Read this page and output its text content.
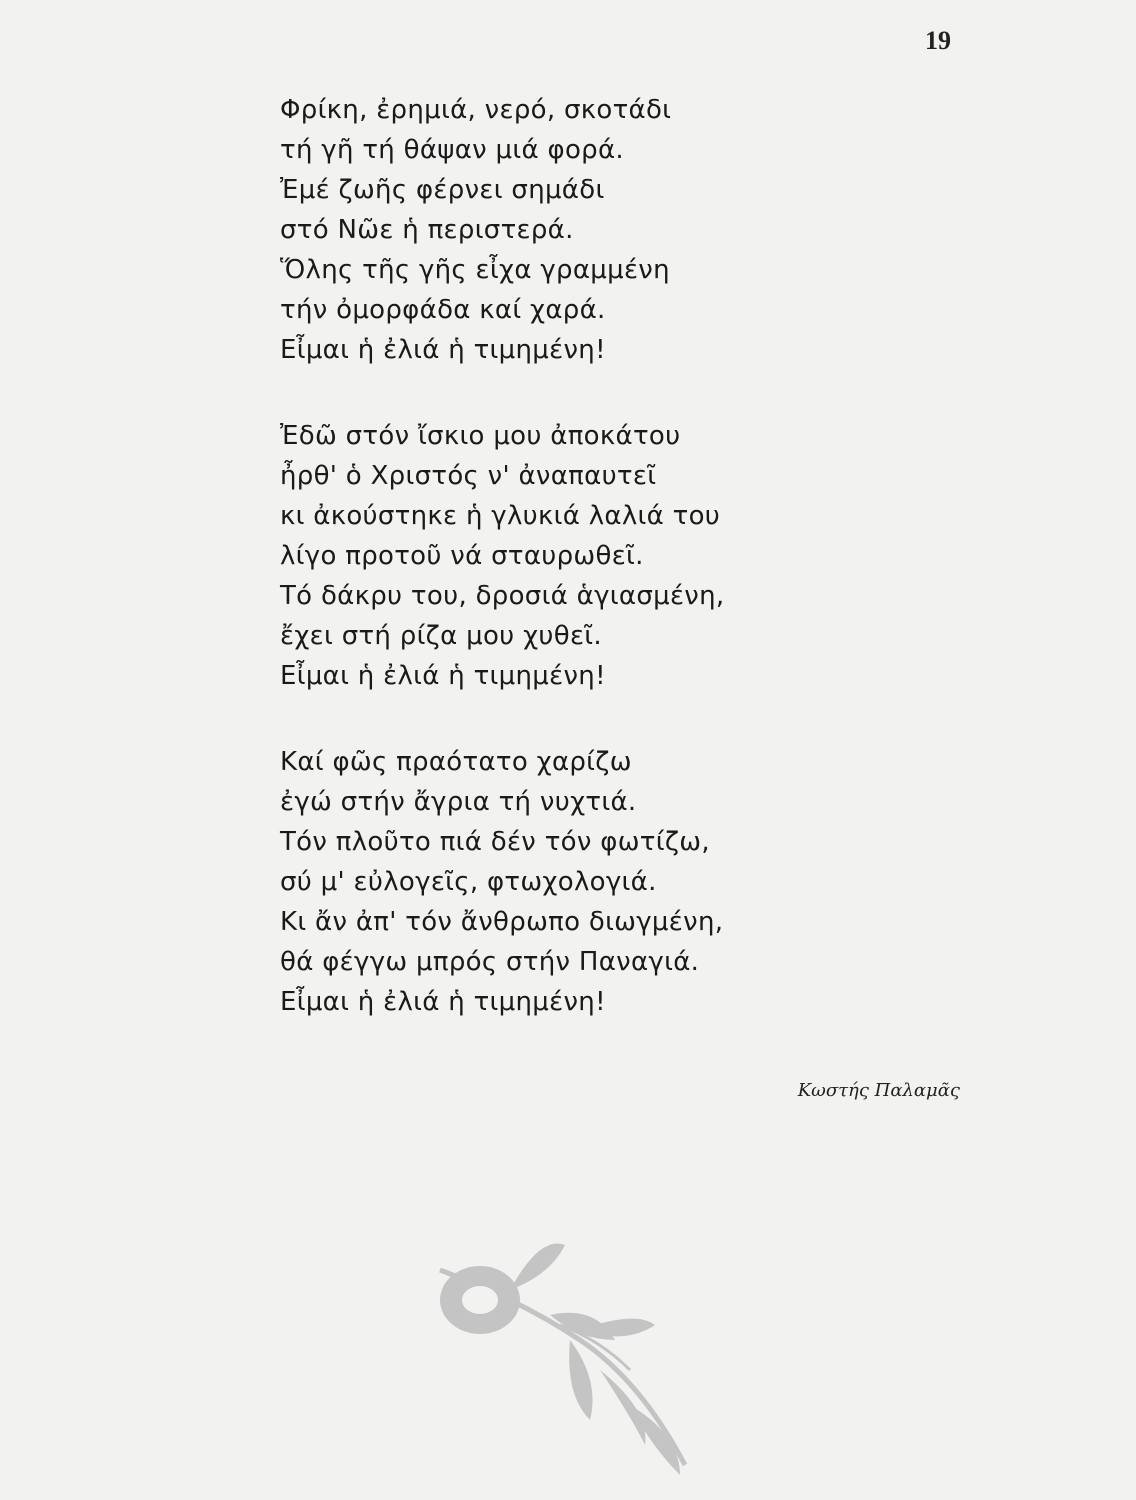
19
Φρίκη, ἐρημιά, νερό, σκοτάδι
τή γῆ τή θάψαν μιά φορά.
Ἐμέ ζωῆς φέρνει σημάδι
στό Νῶε ἡ περιστερά.
Ὅλης τῆς γῆς εἶχα γραμμένη
τήν ὀμορφάδα καί χαρά.
Εἶμαι ἡ ἐλιά ἡ τιμημένη!
Ἐδῶ στόν ἴσκιο μου ἀποκάτου
ἦρθ' ὁ Χριστός ν' ἀναπαυτεῖ
κι ἀκούστηκε ἡ γλυκιά λαλιά του
λίγο προτοῦ νά σταυρωθεῖ.
Τό δάκρυ του, δροσιά ἁγιασμένη,
ἔχει στή ρίζα μου χυθεῖ.
Εἶμαι ἡ ἐλιά ἡ τιμημένη!
Καί φῶς πραότατο χαρίζω
ἐγώ στήν ἄγρια τή νυχτιά.
Τόν πλοῦτο πιά δέν τόν φωτίζω,
σύ μ' εὐλογεῖς, φτωχολογιά.
Κι ἄν ἀπ' τόν ἄνθρωπο διωγμένη,
θά φέγγω μπρός στήν Παναγιά.
Εἶμαι ἡ ἐλιά ἡ τιμημένη!
Κωστής Παλαμᾶς
